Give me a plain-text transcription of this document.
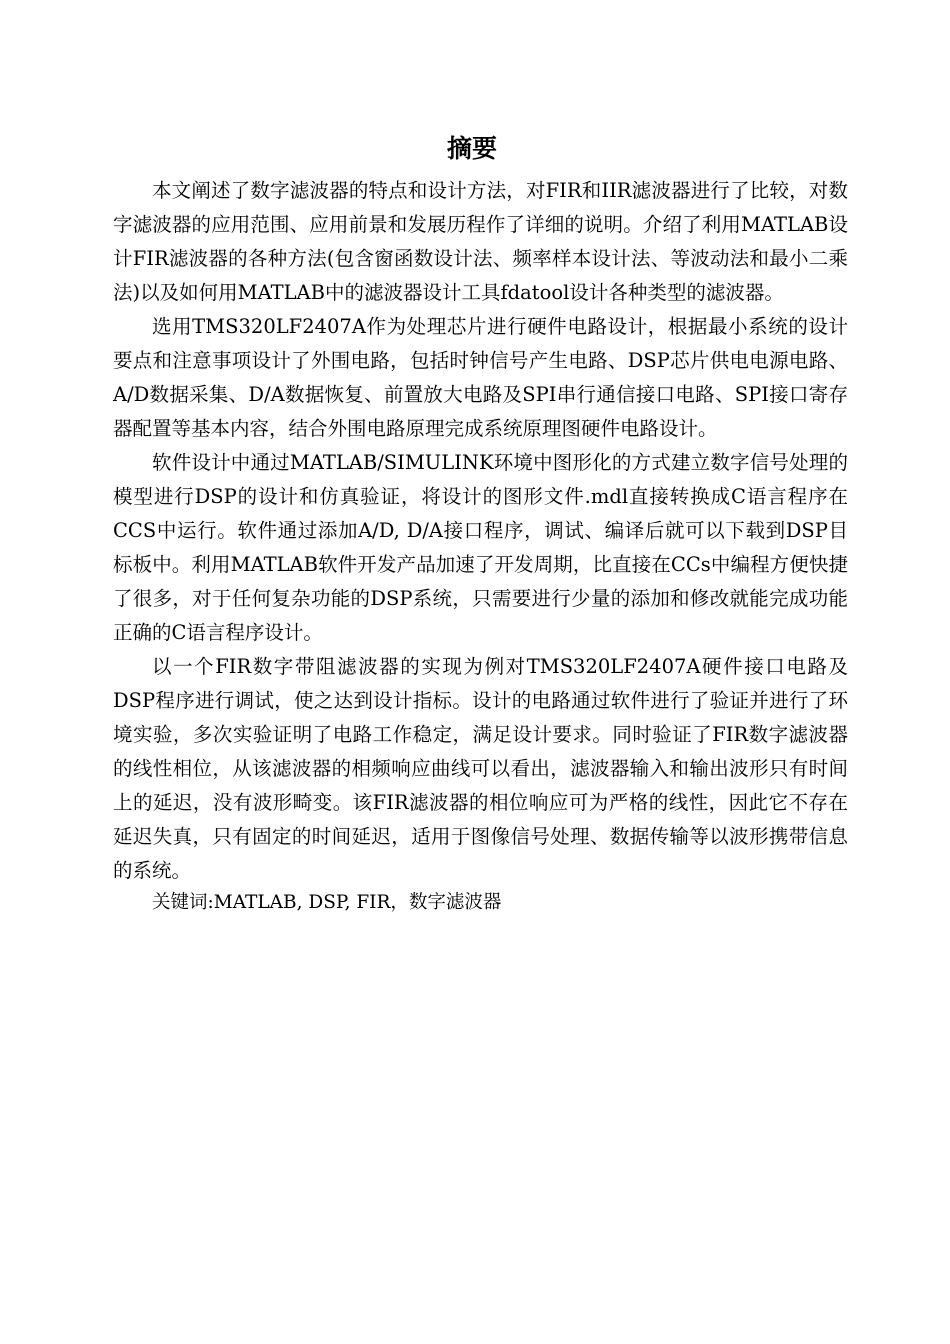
摘要

本文阐述了数字滤波器的特点和设计方法，对FIR和IIR滤波器进行了比较，对数字滤波器的应用范围、应用前景和发展历程作了详细的说明。介绍了利用MATLAB设计FIR滤波器的各种方法(包含窗函数设计法、频率样本设计法、等波动法和最小二乘法)以及如何用MATLAB中的滤波器设计工具fdatool设计各种类型的滤波器。

选用TMS320LF2407A作为处理芯片进行硬件电路设计，根据最小系统的设计要点和注意事项设计了外围电路，包括时钟信号产生电路、DSP芯片供电电源电路、A/D数据采集、D/A数据恢复、前置放大电路及SPI串行通信接口电路、SPI接口寄存器配置等基本内容，结合外围电路原理完成系统原理图硬件电路设计。

软件设计中通过MATLAB/SIMULINK环境中图形化的方式建立数字信号处理的模型进行DSP的设计和仿真验证，将设计的图形文件.mdl直接转换成C语言程序在CCS中运行。软件通过添加A/D, D/A接口程序，调试、编译后就可以下载到DSP目标板中。利用MATLAB软件开发产品加速了开发周期，比直接在CCs中编程方便快捷了很多，对于任何复杂功能的DSP系统，只需要进行少量的添加和修改就能完成功能正确的C语言程序设计。

以一个FIR数字带阻滤波器的实现为例对TMS320LF2407A硬件接口电路及DSP程序进行调试，使之达到设计指标。设计的电路通过软件进行了验证并进行了环境实验，多次实验证明了电路工作稳定，满足设计要求。同时验证了FIR数字滤波器的线性相位，从该滤波器的相频响应曲线可以看出，滤波器输入和输出波形只有时间上的延迟，没有波形畸变。该FIR滤波器的相位响应可为严格的线性，因此它不存在延迟失真，只有固定的时间延迟，适用于图像信号处理、数据传输等以波形携带信息的系统。

关键词:MATLAB, DSP, FIR，数字滤波器
